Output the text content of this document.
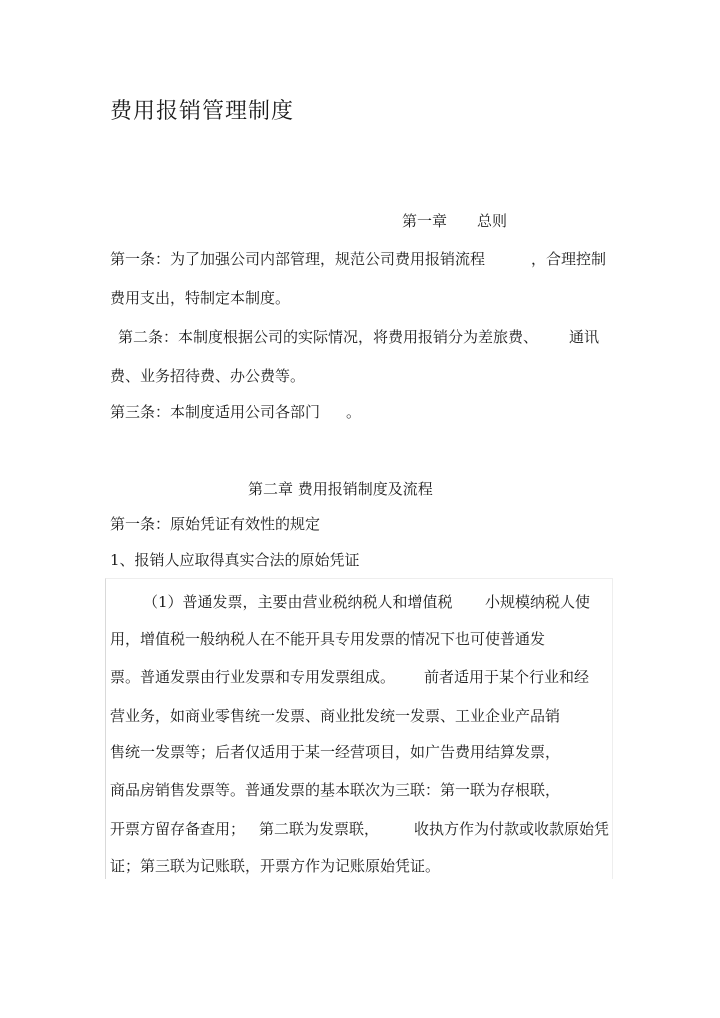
费用报销管理制度
第一章 总则

第一条：为了加强公司内部管理，规范公司费用报销流程	，合理控制

费用支出，特制定本制度。

第二条：本制度根据公司的实际情况，将费用报销分为差旅费、 通讯

费、业务招待费、办公费等。

第三条：本制度适用公司各部门 。

第二章 费用报销制度及流程

第一条：原始凭证有效性的规定

1、报销人应取得真实合法的原始凭证

（1）普通发票，主要由营业税纳税人和增值税 小规模纳税人使

用，增值税一般纳税人在不能开具专用发票的情况下也可使普通发

票。普通发票由行业发票和专用发票组成。 前者适用于某个行业和经

营业务，如商业零售统一发票、商业批发统一发票、工业企业产品销

售统一发票等；后者仅适用于某一经营项目，如广告费用结算发票，

商品房销售发票等。普通发票的基本联次为三联：第一联为存根联，

开票方留存备查用； 第二联为发票联， 收执方作为付款或收款原始凭

证；第三联为记账联，开票方作为记账原始凭证。
